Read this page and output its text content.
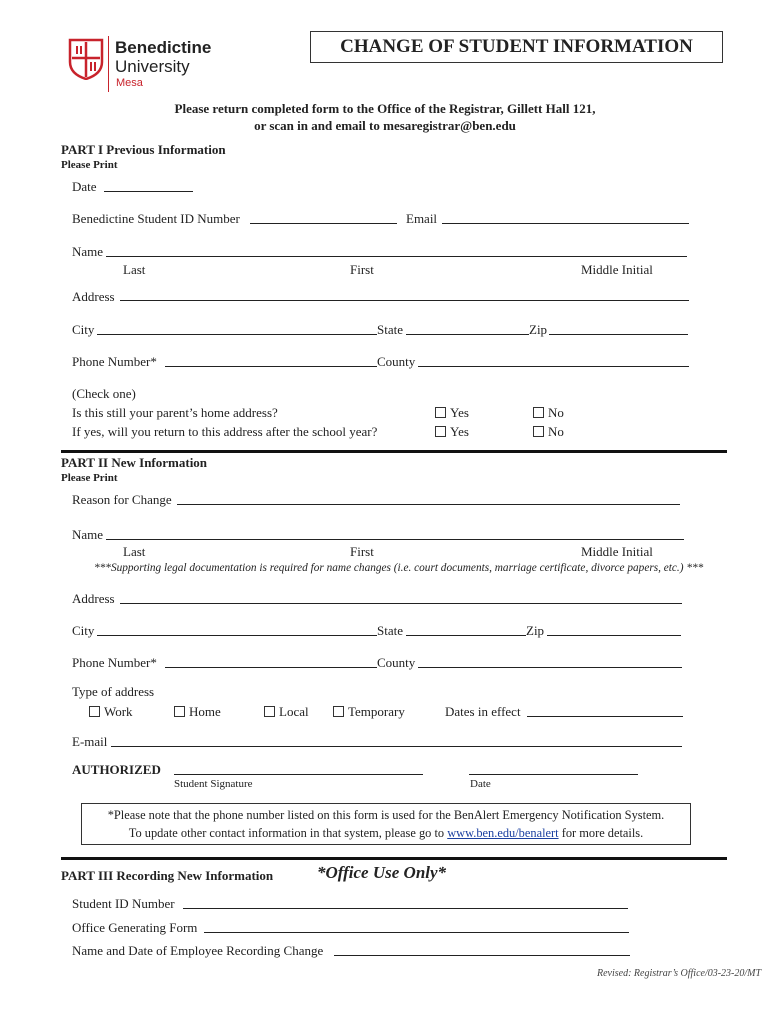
Benedictine
University
Mesa
CHANGE OF STUDENT INFORMATION
Please return completed form to the Office of the Registrar, Gillett Hall 121,
or scan in and email to mesaregistrar@ben.edu
PART I Previous Information
Please Print
Date
Benedictine Student ID Number	Email
Name
Last	First	Middle Initial
Address
City	State	Zip
Phone Number*	County
(Check one)
Is this still your parent’s home address?
If yes, will you return to this address after the school year?
Yes	No
Yes	No
PART II New Information
Please Print
Reason for Change
Name
Last	First	Middle Initial
***Supporting legal documentation is required for name changes (i.e. court documents, marriage certificate, divorce papers, etc.) ***
Address
City	State	Zip
Phone Number*	County
Type of address
Work	Home	Local	Temporary	Dates in effect
E-mail
AUTHORIZED
Student Signature	Date
*Please note that the phone number listed on this form is used for the BenAlert Emergency Notification System.
To update other contact information in that system, please go to www.ben.edu/benalert for more details.
PART III Recording New Information	*Office Use Only*
Student ID Number
Office Generating Form
Name and Date of Employee Recording Change
Revised: Registrar’s Office/03-23-20/MT
